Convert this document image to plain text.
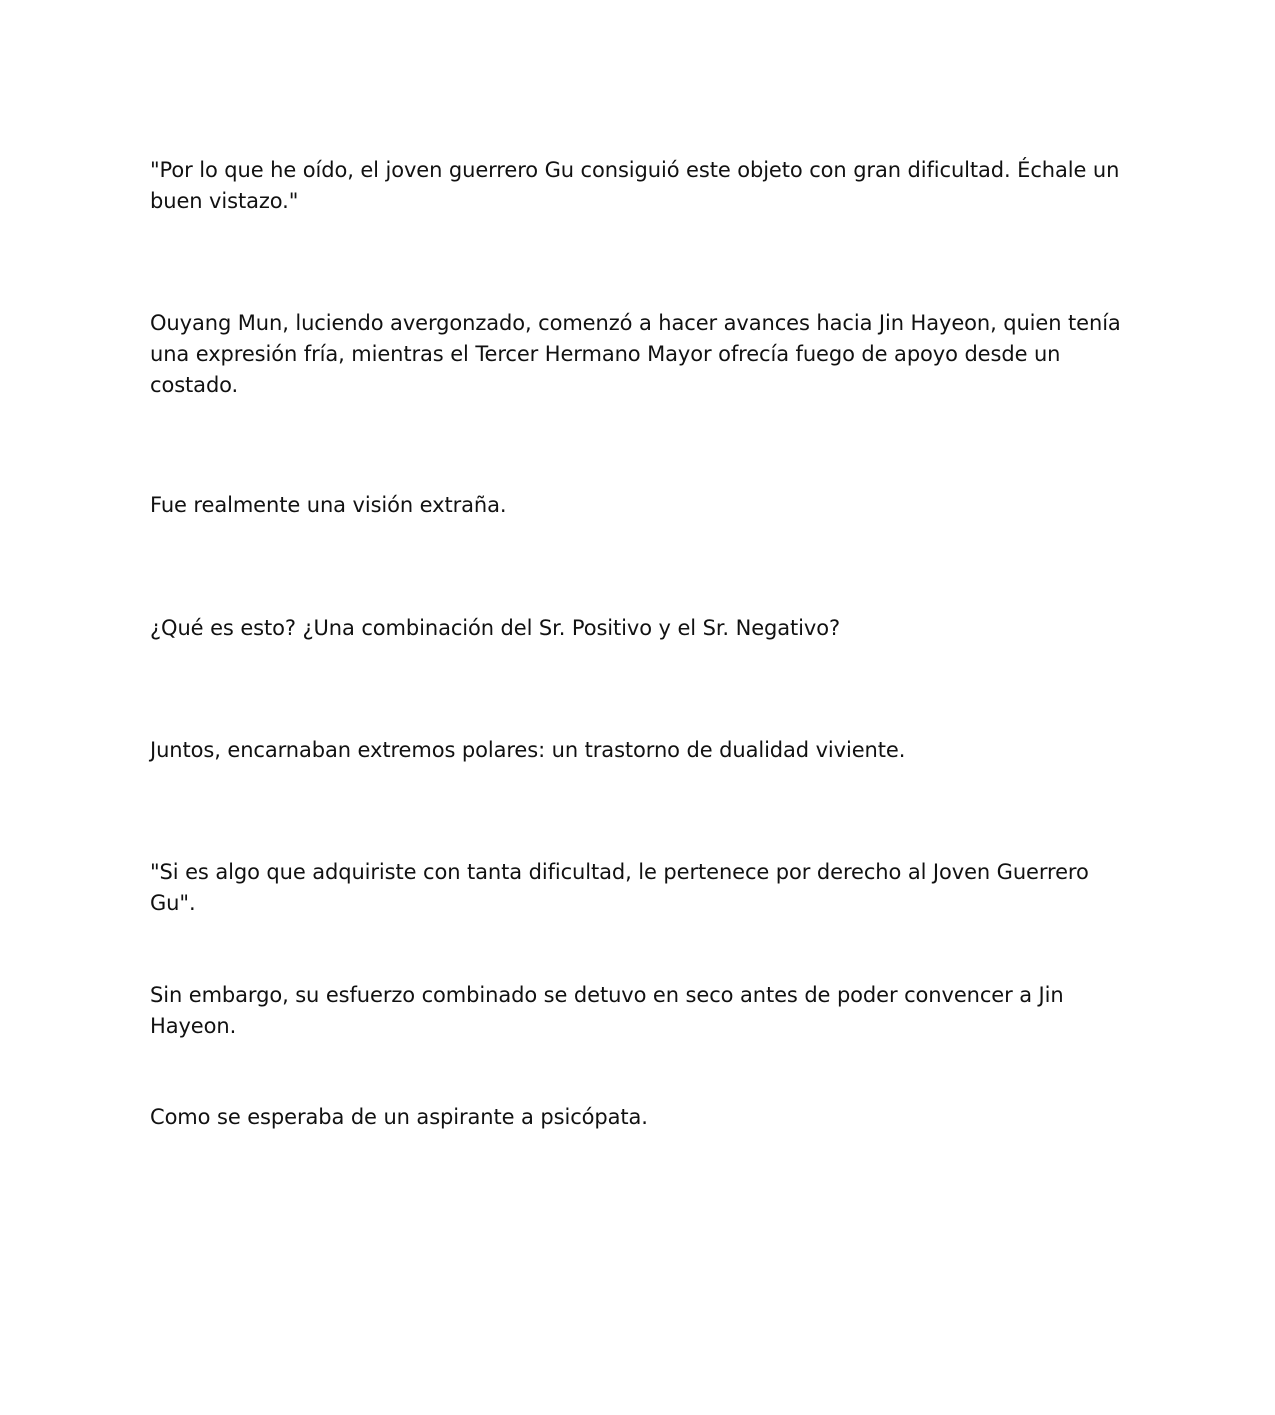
"Por lo que he oído, el joven guerrero Gu consiguió este objeto con gran dificultad. Échale un buen vistazo."

Ouyang Mun, luciendo avergonzado, comenzó a hacer avances hacia Jin Hayeon, quien tenía una expresión fría, mientras el Tercer Hermano Mayor ofrecía fuego de apoyo desde un costado.

Fue realmente una visión extraña.

¿Qué es esto? ¿Una combinación del Sr. Positivo y el Sr. Negativo?

Juntos, encarnaban extremos polares: un trastorno de dualidad viviente.

"Si es algo que adquiriste con tanta dificultad, le pertenece por derecho al Joven Guerrero Gu".

Sin embargo, su esfuerzo combinado se detuvo en seco antes de poder convencer a Jin Hayeon.

Como se esperaba de un aspirante a psicópata.
